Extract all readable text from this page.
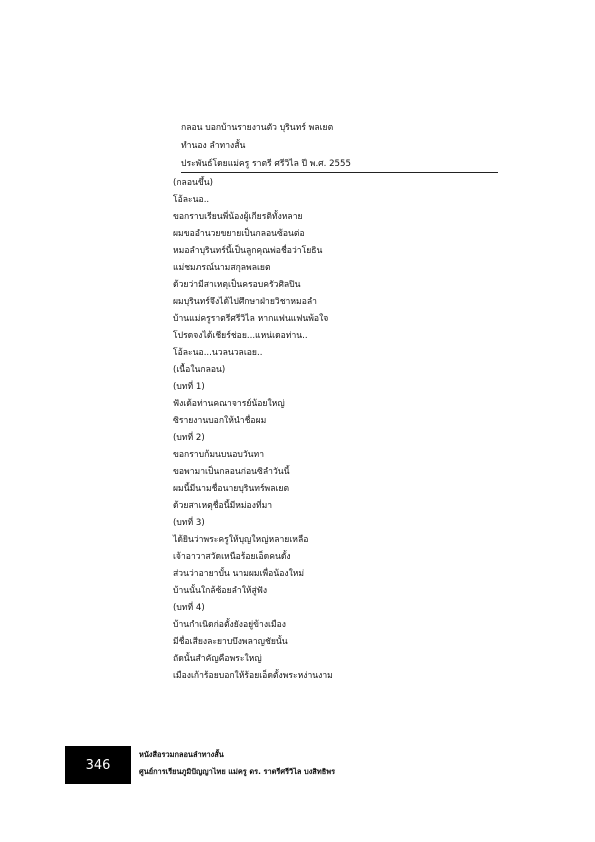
กลอน บอกบ้านรายงานตัว บุรินทร์ พลเยต
ทำนอง ลำทางสั้น
ประพันธ์โดยแม่ครู ราตรี ศรีวิไล ปี พ.ศ. 2555
(กลอนขึ้น)
โอ้ละนอ..
ขอกราบเรียนพี่น้องผู้เกียรติทั้งหลาย
ผมขออำนวยขยายเป็นกลอนซ้อนต่อ
หมอลำบุรินทร์นี้เป็นลูกคุณพ่อชื่อว่าโยธิน
แม่ชมภรณ์นามสกุลพลเยต
ด้วยว่ามีสาเหตุเป็นครอบครัวศิลปิน
ผมบุรินทร์จึงได้ไปศึกษาฝ่ายวิชาหมอลำ
บ้านแม่ครูราตรีศรีวิไล หากแฟนแฟนพ้อใจ
โปรดจงได้เชียร์ช่อย...แหน่เดอท่าน..
โอ้ละนอ...นวลนวลเอย..
(เนื้อในกลอน)
(บทที่ 1)
ฟังเด้อท่านคณาจารย์น้อยใหญ่
ซิรายงานบอกให้นำชื่อผม
(บทที่ 2)
ขอกราบก้มนบนอบวันทา
ขอพามาเป็นกลอนก่อนซิลำวันนี้
ผมนี้มีนามชื่อนายบุรินทร์พลเยต
ด้วยสาเหตุชื่อนี้มีหม่องที่มา
(บทที่ 3)
ได้ยินว่าพระครูให้บุญใหญ่หลายเหลือ
เจ้าอาวาสวัดเหนือร้อยเอ็ดคนดั้ง
ส่วนว่าอายาบั้น นามผมเพื่อน้องใหม่
บ้านนั้นใกล้ซ้อยลำให้สู่ฟัง
(บทที่ 4)
บ้านกำเนิดก่อตั้งยังอยู่ข้างเมือง
มีชื่อเสียงละยาบบึงพลาญชัยนั้น
ถัดนั้นสำคัญคือพระใหญ่
เมืองเก้าร้อยบอกให้ร้อยเอ็ดตั้งพระหง่านงาม
346
หนังสือรวมกลอนลำทางสั้น
ศูนย์การเรียนภูมิปัญญาไทย แม่ครู ดร. ราตรีศรีวิไล บงสิทธิพร
